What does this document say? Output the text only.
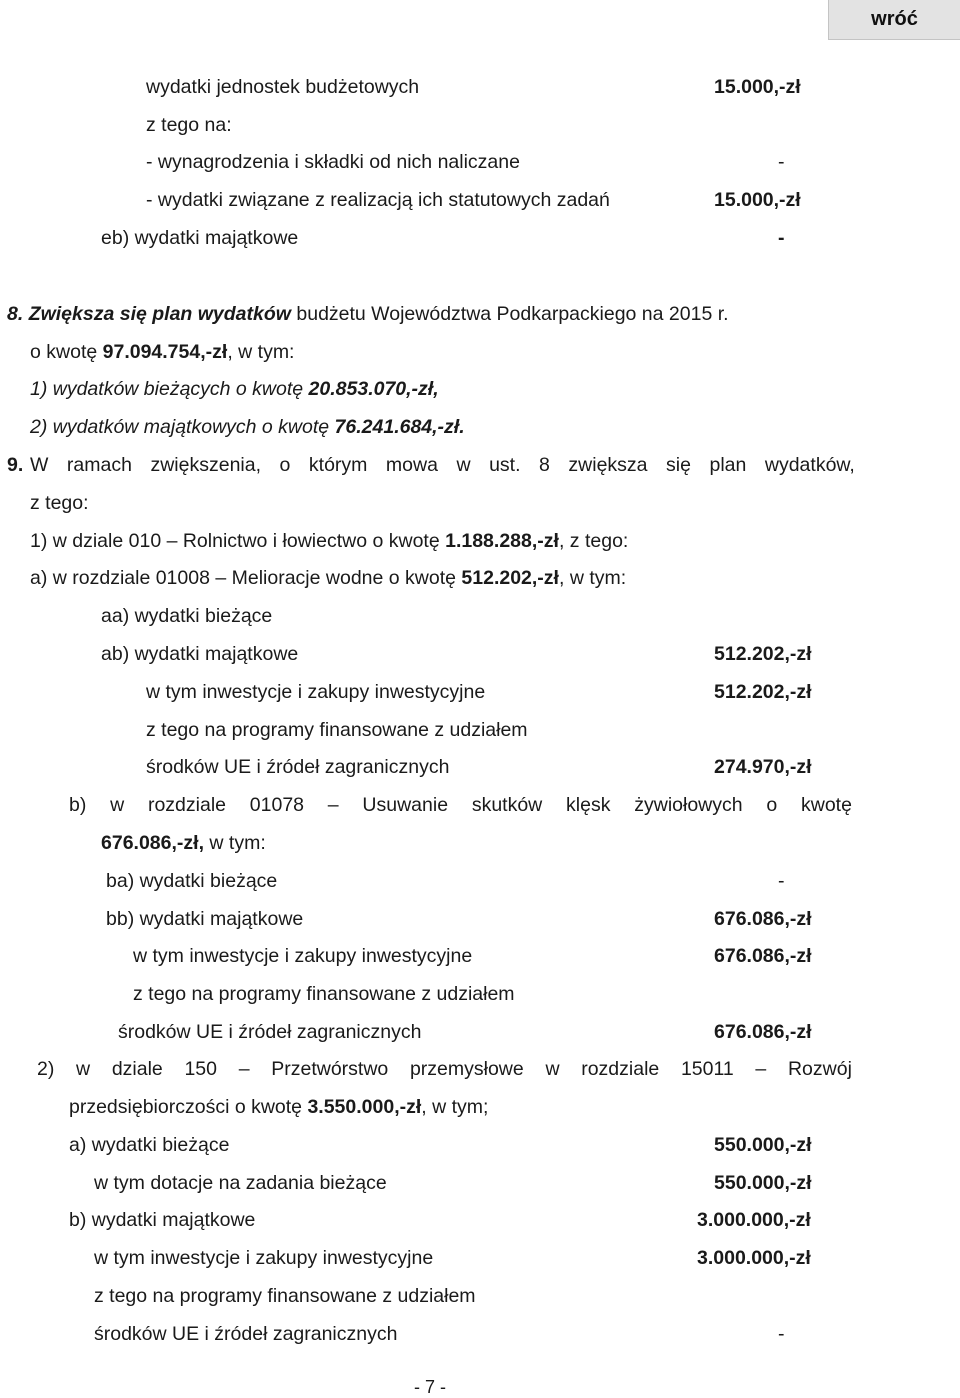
wróć
wydatki jednostek budżetowych	15.000,-zł
z tego na:
- wynagrodzenia i składki od nich naliczane	-
- wydatki związane z realizacją ich statutowych zadań	15.000,-zł
eb) wydatki majątkowe	-
8. Zwiększa się plan wydatków budżetu Województwa Podkarpackiego na 2015 r.
o kwotę 97.094.754,-zł, w tym:
1) wydatków bieżących o kwotę 20.853.070,-zł,
2) wydatków majątkowych o kwotę 76.241.684,-zł.
9. W ramach zwiększenia, o którym mowa w ust. 8 zwiększa się plan wydatków,
z tego:
1) w dziale 010 – Rolnictwo i łowiectwo o kwotę 1.188.288,-zł, z tego:
a) w rozdziale 01008 – Melioracje wodne o kwotę 512.202,-zł, w tym:
aa) wydatki bieżące
ab) wydatki majątkowe	512.202,-zł
w tym inwestycje i zakupy inwestycyjne	512.202,-zł
z tego na programy finansowane z udziałem
środków UE i źródeł zagranicznych	274.970,-zł
b) w rozdziale 01078 – Usuwanie skutków klęsk żywiołowych o kwotę
676.086,-zł, w tym:
ba) wydatki bieżące	-
bb) wydatki majątkowe	676.086,-zł
w tym inwestycje i zakupy inwestycyjne	676.086,-zł
z tego na programy finansowane z udziałem
środków UE i źródeł zagranicznych	676.086,-zł
2) w dziale 150 – Przetwórstwo przemysłowe w rozdziale 15011 – Rozwój
przedsiębiorczości o kwotę 3.550.000,-zł, w tym;
a) wydatki bieżące	550.000,-zł
w tym dotacje na zadania bieżące	550.000,-zł
b) wydatki majątkowe	3.000.000,-zł
w tym inwestycje i zakupy inwestycyjne	3.000.000,-zł
z tego na programy finansowane z udziałem
środków UE i źródeł zagranicznych	-
- 7 -
